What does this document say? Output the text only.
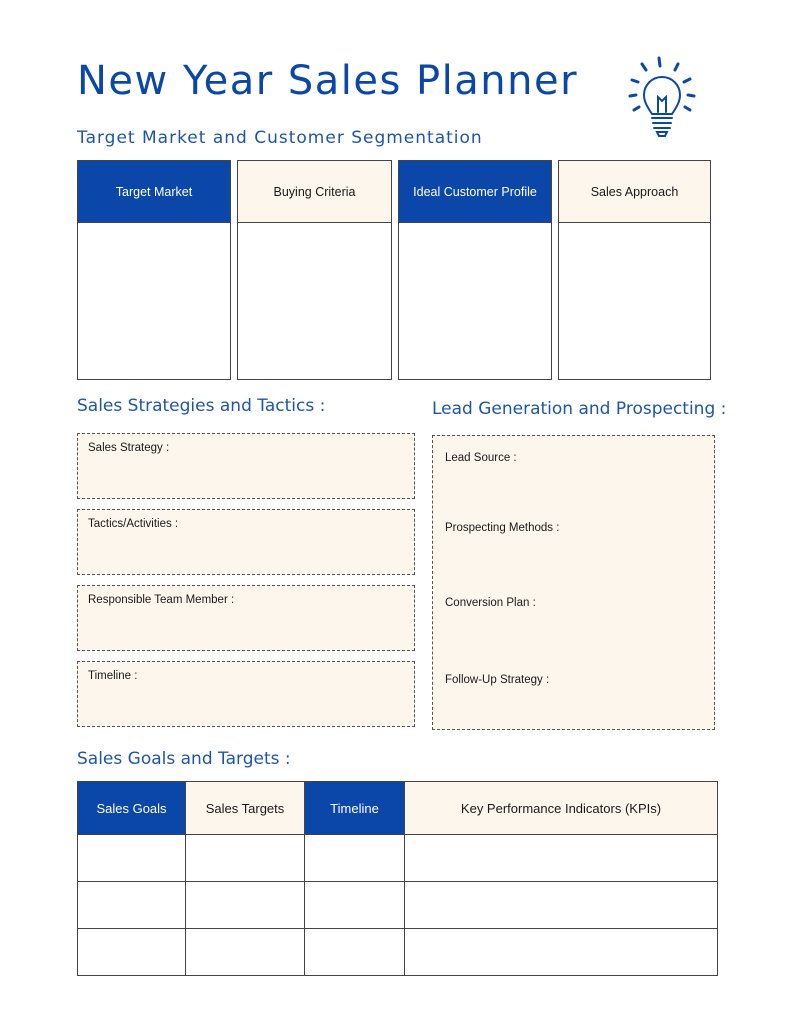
New Year Sales Planner
Target Market and Customer Segmentation
Target Market	Buying Criteria	Ideal Customer Profile	Sales Approach
Sales Strategies and Tactics :	Lead Generation and Prospecting :
Sales Strategy :
Tactics/Activities :
Responsible Team Member :
Timeline :
Lead Source :
Prospecting Methods :
Conversion Plan :
Follow-Up Strategy :
Sales Goals and Targets :
Sales Goals	Sales Targets	Timeline	Key Performance Indicators (KPIs)
